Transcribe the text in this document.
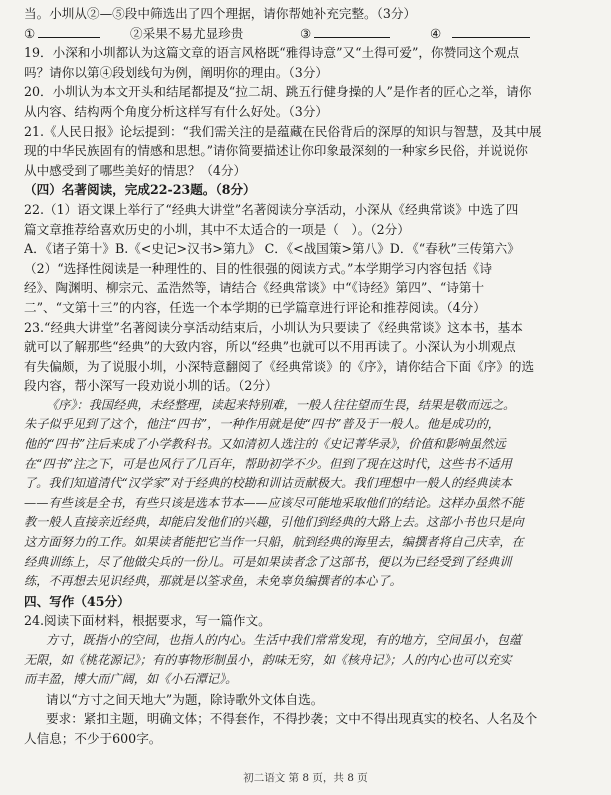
当。小圳从②—⑤段中筛选出了四个理据，请你帮她补充完整。（3分）
①	②采果不易尤显珍贵	③	④
19．小深和小圳都认为这篇文章的语言风格既“雅得诗意”又“土得可爱”，你赞同这个观点
吗？请你以第④段划线句为例，阐明你的理由。（3分）
20．小圳认为本文开头和结尾都提及“拉二胡、跳五行健身操的人”是作者的匠心之举，请你
从内容、结构两个角度分析这样写有什么好处。（3分）
21.《人民日报》论坛提到：“我们需关注的是蕴藏在民俗背后的深厚的知识与智慧，及其中展
现的中华民族固有的情感和思想。”请你简要描述让你印象最深刻的一种家乡民俗，并说说你
从中感受到了哪些美好的情思？（4分）
（四）名著阅读，完成22-23题。（8分）
22.（1）语文课上举行了“经典大讲堂”名著阅读分享活动，小深从《经典常谈》中选了四
篇文章推荐给喜欢历史的小圳，其中不太适合的一项是（　）。（2分）
A．《诸子第十》B.《<史记>汉书>第九》 C．《<战国策>第八》D．《“春秋”三传第六》
（2）“选择性阅读是一种理性的、目的性很强的阅读方式。”本学期学习内容包括《诗
经》、陶渊明、柳宗元、孟浩然等，请结合《经典常谈》中“《诗经》第四”、“诗第十
二”、“文第十三”的内容，任选一个本学期的已学篇章进行评论和推荐阅读。（4分）
23.“经典大讲堂”名著阅读分享活动结束后，小圳认为只要读了《经典常谈》这本书，基本
就可以了解那些“经典”的大致内容，所以“经典”也就可以不用再读了。小深认为小圳观点
有失偏颇，为了说服小圳，小深特意翻阅了《经典常谈》的《序》，请你结合下面《序》的选
段内容，帮小深写一段劝说小圳的话。（2分）
《序》：我国经典，未经整理，读起来特别难，一般人往往望而生畏，结果是敬而远之。
朱子似乎见到了这个，他注“四书”，一种作用就是使“四书”普及于一般人。他是成功的，
他的“四书”注后来成了小学教科书。又如清初人选注的《史记菁华录》，价值和影响虽然远
在“四书”注之下，可是也风行了几百年，帮助初学不少。但到了现在这时代，这些书不适用
了。我们知道清代“汉学家”对于经典的校勘和训诂贡献极大。我们理想中一般人的经典读本
——有些该是全书，有些只该是选本节本——应该尽可能地采取他们的结论。这样办虽然不能
教一般人直接亲近经典，却能启发他们的兴趣，引他们到经典的大路上去。这部小书也只是向
这方面努力的工作。如果读者能把它当作一只船，航到经典的海里去，编撰者将自己庆幸，在
经典训练上，尽了他做尖兵的一份儿。可是如果读者念了这部书，便以为已经受到了经典训
练，不再想去见识经典，那就是以筌求鱼，未免辜负编撰者的本心了。
四、写作（45分）
24.阅读下面材料，根据要求，写一篇作文。
方寸，既指小的空间，也指人的内心。生活中我们常常发现，有的地方，空间虽小，包蕴
无限，如《桃花源记》；有的事物形制虽小，韵味无穷，如《核舟记》；人的内心也可以充实
而丰盈，博大而广阔，如《小石潭记》。
请以“方寸之间天地大”为题，除诗歌外文体自选。
要求：紧扣主题，明确文体；不得套作，不得抄袭；文中不得出现真实的校名、人名及个
人信息；不少于600字。
初二语文 第 8 页，共 8 页
